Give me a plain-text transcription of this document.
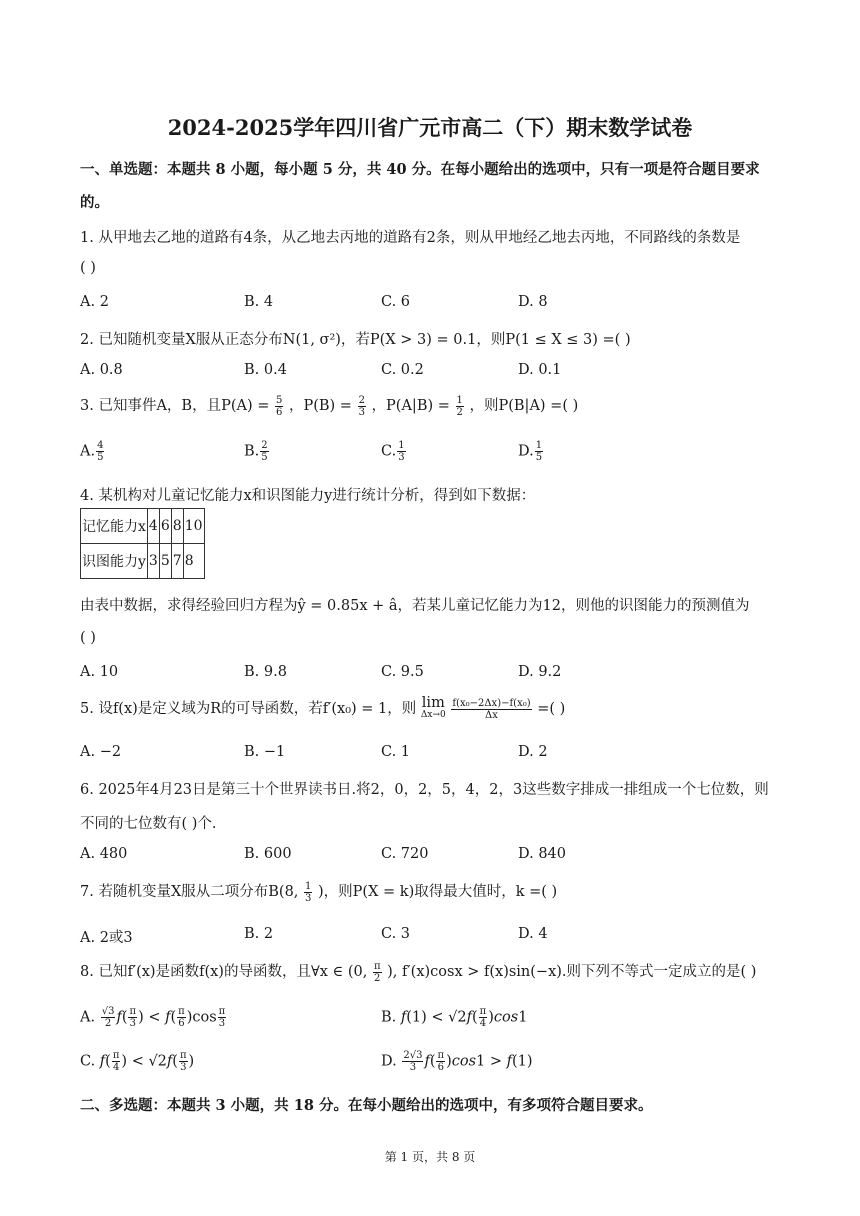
2024-2025学年四川省广元市高二（下）期末数学试卷
一、单选题：本题共 8 小题，每小题 5 分，共 40 分。在每小题给出的选项中，只有一项是符合题目要求
的。
1. 从甲地去乙地的道路有4条，从乙地去丙地的道路有2条，则从甲地经乙地去丙地，不同路线的条数是
( )
A. 2	B. 4	C. 6	D. 8
2. 已知随机变量X服从正态分布N(1, σ²)，若P(X > 3) = 0.1，则P(1 ≤ X ≤ 3) =( )
A. 0.8	B. 0.4	C. 0.2	D. 0.1
3. 已知事件A，B，且$P(A) = \frac{5}{6}$ ，$P(B) = \frac{2}{3}$ ，$P(A|B) = \frac{1}{2}$ ，则P(B|A) =( )
A. $\frac{4}{5}$	B. $\frac{2}{5}$	C. $\frac{1}{3}$	D. $\frac{1}{5}$
4. 某机构对儿童记忆能力x和识图能力y进行统计分析，得到如下数据：
记忆能力x	4	6	8	10
识图能力y	3	5	7	8
由表中数据，求得经验回归方程为ŷ = 0.85x + â，若某儿童记忆能力为12，则他的识图能力的预测值为
( )
A. 10	B. 9.8	C. 9.5	D. 9.2
5. 设f(x)是定义域为R的可导函数，若f′(x₀) = 1，则 lim
Δx→0
$\frac{\text{f(x₀−2Δx)−f(x₀)}}{\Delta x}$ =( )
A. −2	B. −1	C. 1	D. 2
6. 2025年4月23日是第三十个世界读书日.将2，0，2，5，4，2，3这些数字排成一排组成一个七位数，则
不同的七位数有( )个.
A. 480	B. 600	C. 720	D. 840
7. 若随机变量X服从二项分布B(8, $\frac{1}{3}$ )，则P(X = k)取得最大值时，k =( )
A. 2或3	B. 2	C. 3	D. 4
8. 已知f′(x)是函数f(x)的导函数，且∀x ∈ (0, $\frac{\pi}{2}$ ), f′(x)cosx > f(x)sin(−x).则下列不等式一定成立的是( )
A. $\frac{√3}{2} f( \frac{\pi}{3}$ ) < $f( \frac{\pi}{6} )\cos \frac{\pi}{3}$	B. $f(1) < √2f( \frac{\pi}{4} )\cos 1$
C. $f( \frac{\pi}{4}$ ) < $√2f( \frac{\pi}{3}$ )	D. $\frac{2√3}{3} f( \frac{\pi}{6} )\cos 1 > f(1)$
二、多选题：本题共 3 小题，共 18 分。在每小题给出的选项中，有多项符合题目要求。
第 1 页，共 8 页
